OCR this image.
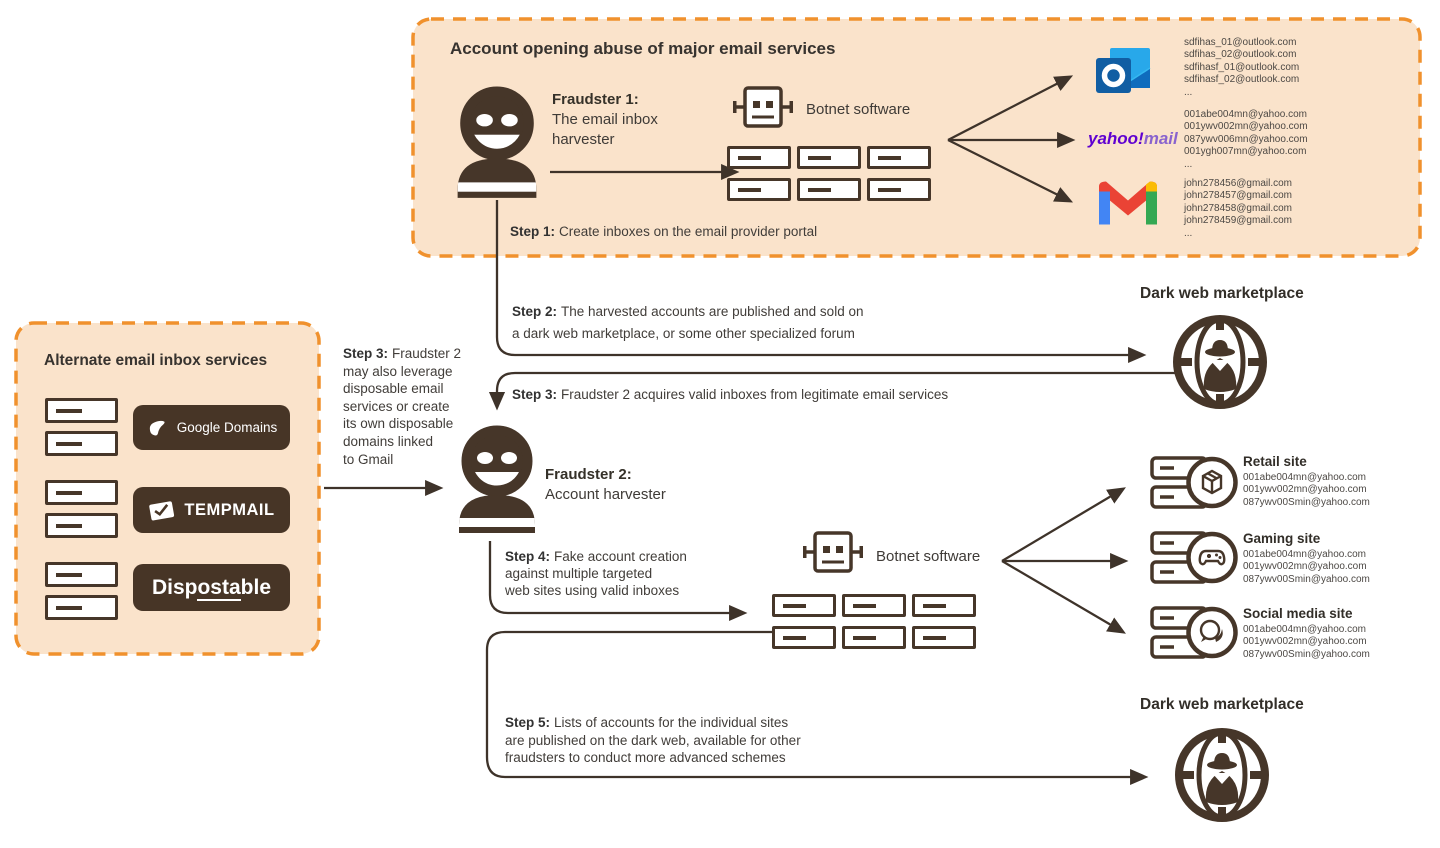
Account opening abuse of major email services
Fraudster 1:
The email inbox
harvester
Botnet software
Step 1: Create inboxes on the email provider portal
yahoo!mail
sdfihas_01@outlook.com
sdfihas_02@outlook.com
sdfihasf_01@outlook.com
sdfihasf_02@outlook.com
...
001abe004mn@yahoo.com
001ywv002mn@yahoo.com
087ywv006mn@yahoo.com
001ygh007mn@yahoo.com
...
john278456@gmail.com
john278457@gmail.com
john278458@gmail.com
john278459@gmail.com
...
Alternate email inbox services
Google Domains
TEMPMAIL
Dispostable
Step 3: Fraudster 2
may also leverage
disposable email
services or create
its own disposable
domains linked
to Gmail
Step 2: The harvested accounts are published and sold on
a dark web marketplace, or some other specialized forum
Step 3: Fraudster 2 acquires valid inboxes from legitimate email services
Fraudster 2:
Account harvester
Step 4: Fake account creation
against multiple targeted
web sites using valid inboxes
Botnet software
Step 5: Lists of accounts for the individual sites
are published on the dark web, available for other
fraudsters to conduct more advanced schemes
Dark web marketplace
Retail site
001abe004mn@yahoo.com
001ywv002mn@yahoo.com
087ywv00Smin@yahoo.com
Gaming site
001abe004mn@yahoo.com
001ywv002mn@yahoo.com
087ywv00Smin@yahoo.com
Social media site
001abe004mn@yahoo.com
001ywv002mn@yahoo.com
087ywv00Smin@yahoo.com
Dark web marketplace
